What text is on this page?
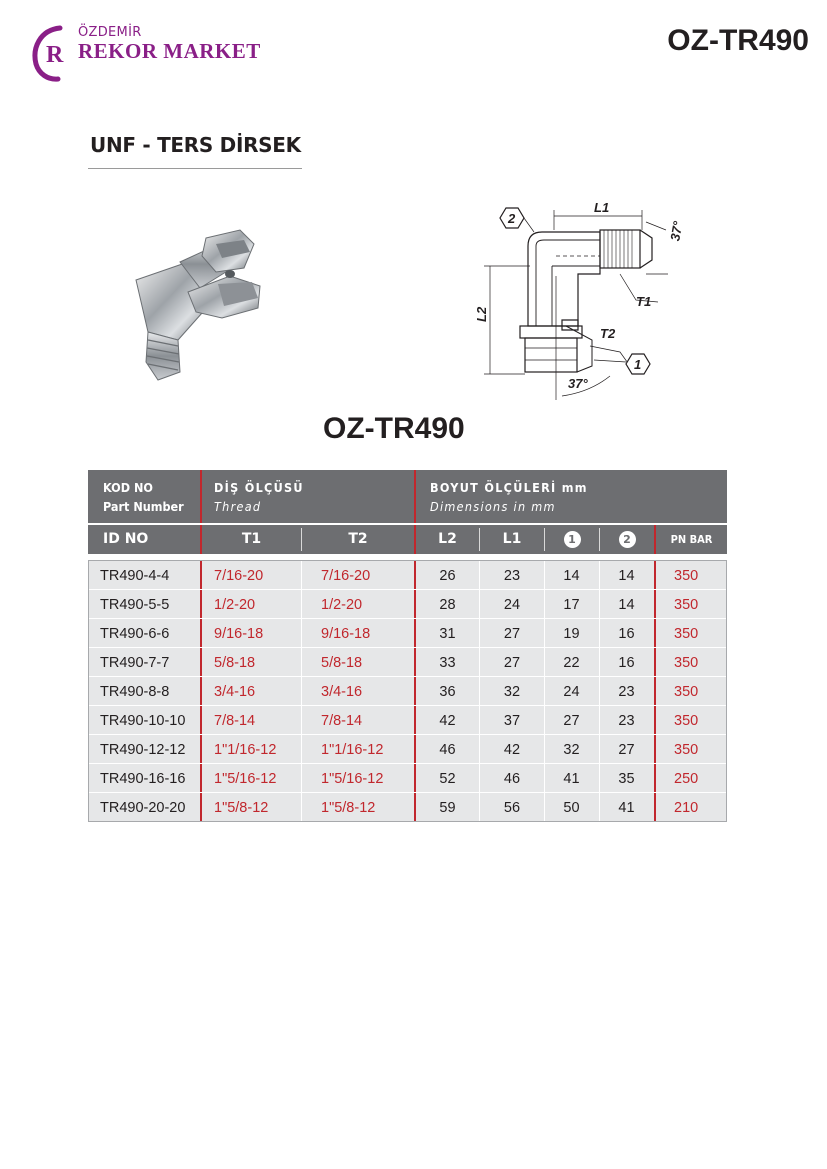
R
ÖZDEMİR
REKOR MARKET	OZ-TR490
UNF - TERS DİRSEK
L1
L2
T1
T2
37°
37°
2
1
OZ-TR490
KOD NO
Part Number
DİŞ ÖLÇÜSÜ
Thread
BOYUT ÖLÇÜLERİ mm
Dimensions in mm
ID NO	T1	T2	L2	L1	1	2	PN BAR
TR490-4-4	7/16-20	7/16-20	26	23	14	14	350
TR490-5-5	1/2-20	1/2-20	28	24	17	14	350
TR490-6-6	9/16-18	9/16-18	31	27	19	16	350
TR490-7-7	5/8-18	5/8-18	33	27	22	16	350
TR490-8-8	3/4-16	3/4-16	36	32	24	23	350
TR490-10-10	7/8-14	7/8-14	42	37	27	23	350
TR490-12-12	1"1/16-12	1"1/16-12	46	42	32	27	350
TR490-16-16	1"5/16-12	1"5/16-12	52	46	41	35	250
TR490-20-20	1"5/8-12	1"5/8-12	59	56	50	41	210
